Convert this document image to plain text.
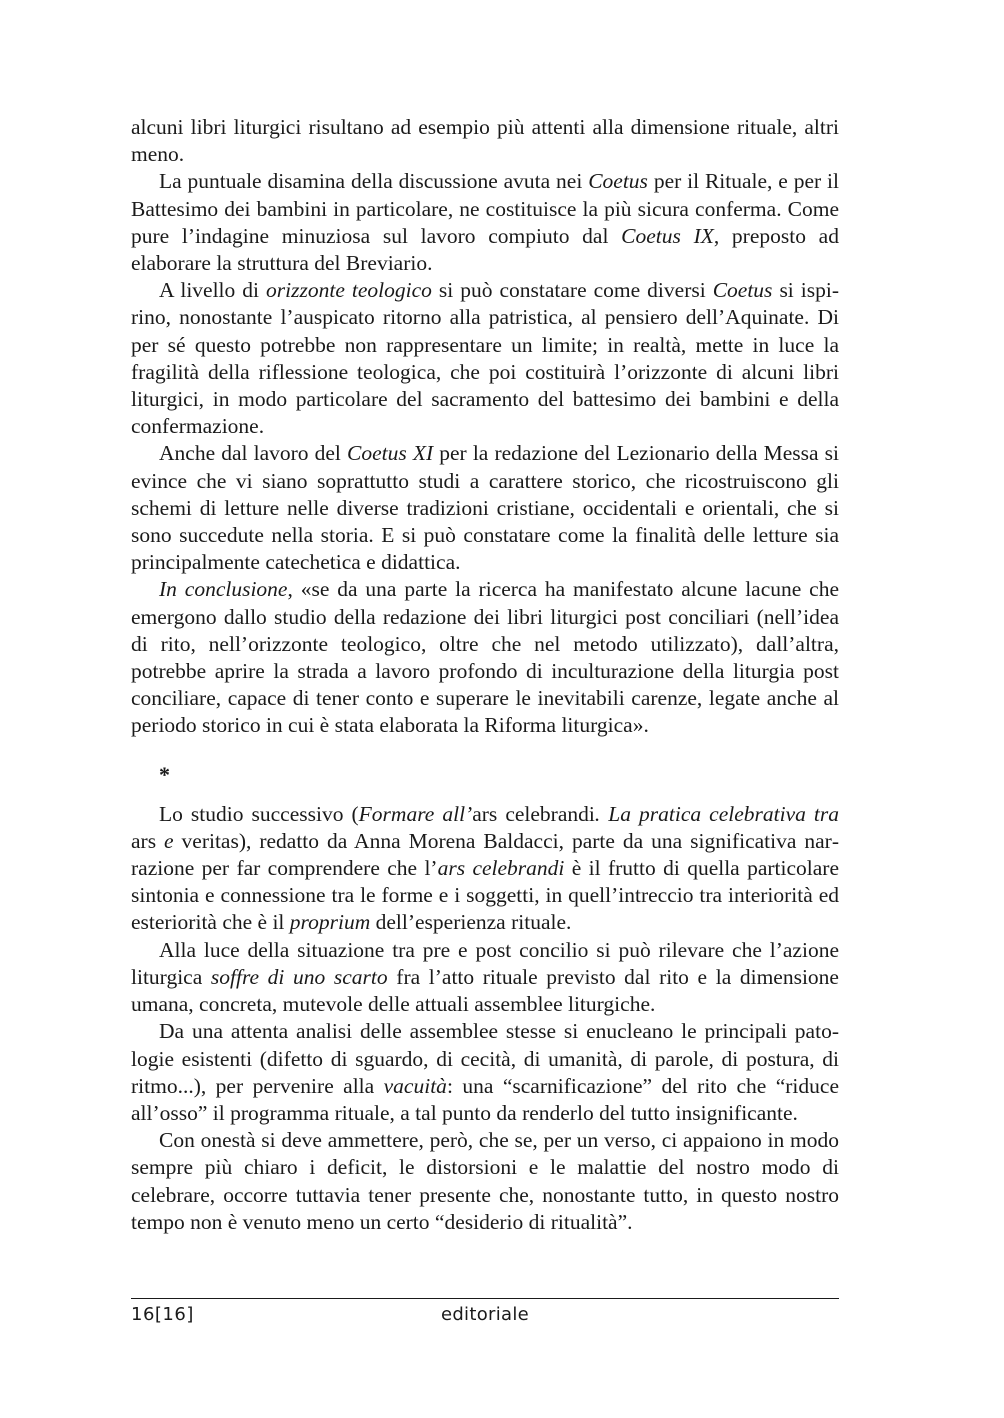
alcuni libri liturgici risultano ad esempio più attenti alla dimensione rituale, altri meno.

La puntuale disamina della discussione avuta nei Coetus per il Rituale, e per il Battesimo dei bambini in particolare, ne costituisce la più sicura conferma. Come pure l’indagine minuziosa sul lavoro compiuto dal Coetus IX, preposto ad elaborare la struttura del Breviario.

A livello di orizzonte teologico si può constatare come diversi Coetus si ispirino, nonostante l’auspicato ritorno alla patristica, al pensiero dell’Aquinate. Di per sé questo potrebbe non rappresentare un limite; in realtà, mette in luce la fragilità della riflessione teologica, che poi costituirà l’orizzonte di alcuni libri liturgici, in modo particolare del sacramento del battesimo dei bambini e della confermazione.

Anche dal lavoro del Coetus XI per la redazione del Lezionario della Messa si evince che vi siano soprattutto studi a carattere storico, che ricostruiscono gli schemi di letture nelle diverse tradizioni cristiane, occidentali e orientali, che si sono succedute nella storia. E si può constatare come la finalità delle letture sia principalmente catechetica e didattica.

In conclusione, «se da una parte la ricerca ha manifestato alcune lacune che emergono dallo studio della redazione dei libri liturgici post conciliari (nell’idea di rito, nell’orizzonte teologico, oltre che nel metodo utilizzato), dall’altra, potrebbe aprire la strada a lavoro profondo di inculturazione della liturgia post conciliare, capace di tener conto e superare le inevitabili carenze, legate anche al periodo storico in cui è stata elaborata la Riforma liturgica».

*

Lo studio successivo (Formare all’ars celebrandi. La pratica celebrativa tra ars e veritas), redatto da Anna Morena Baldacci, parte da una significativa narrazione per far comprendere che l’ars celebrandi è il frutto di quella particolare sintonia e connessione tra le forme e i soggetti, in quell’intreccio tra interiorità ed esteriorità che è il proprium dell’esperienza rituale.

Alla luce della situazione tra pre e post concilio si può rilevare che l’azione liturgica soffre di uno scarto fra l’atto rituale previsto dal rito e la dimensione umana, concreta, mutevole delle attuali assemblee liturgiche.

Da una attenta analisi delle assemblee stesse si enucleano le principali patologie esistenti (difetto di sguardo, di cecità, di umanità, di parole, di postura, di ritmo...), per pervenire alla vacuità: una “scarnificazione” del rito che “riduce all’osso” il programma rituale, a tal punto da renderlo del tutto insignificante.

Con onestà si deve ammettere, però, che se, per un verso, ci appaiono in modo sempre più chiaro i deficit, le distorsioni e le malattie del nostro modo di celebrare, occorre tuttavia tener presente che, nonostante tutto, in questo nostro tempo non è venuto meno un certo “desiderio di ritualità”.

16[16]	editoriale
